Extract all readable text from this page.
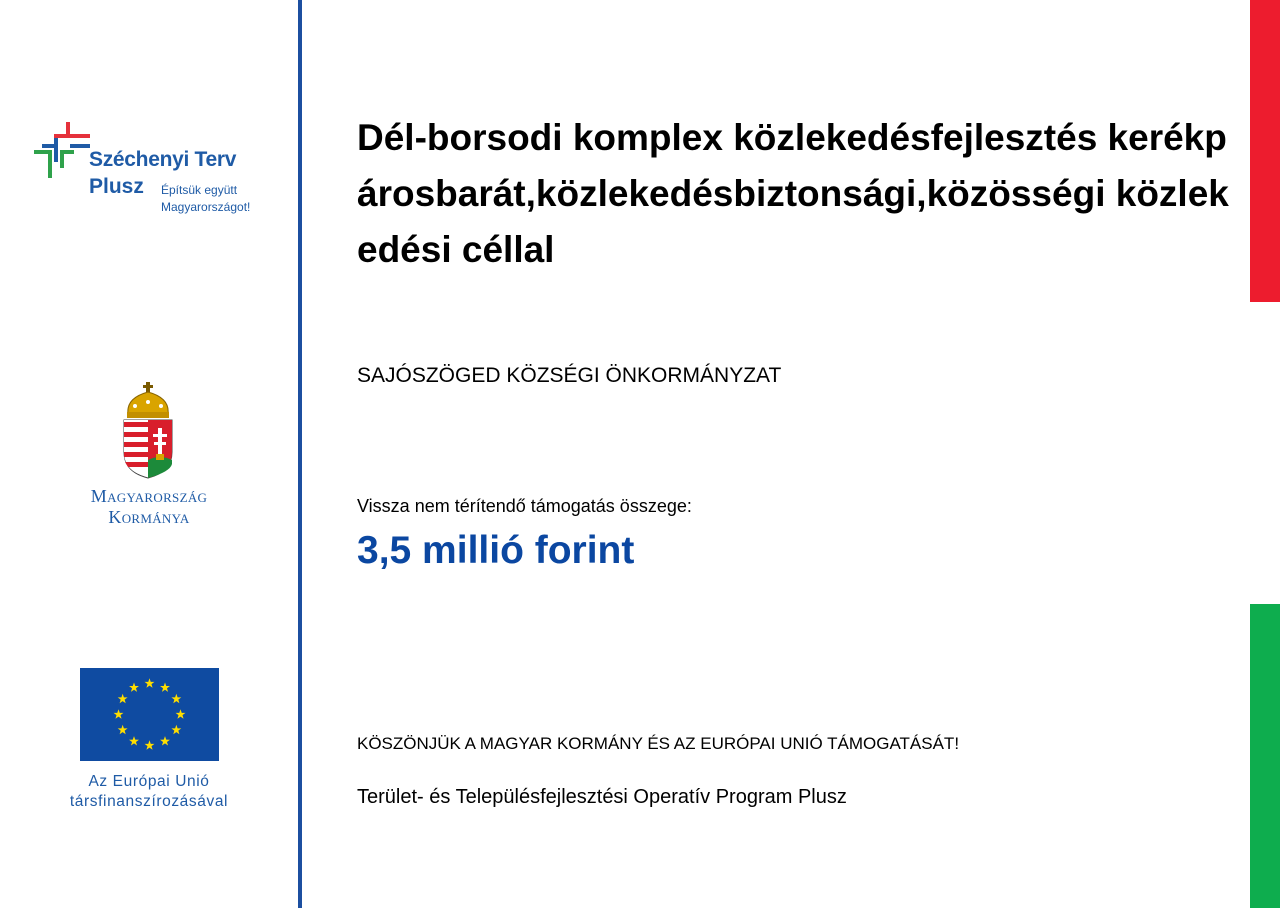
Széchenyi Terv
Plusz Építsük együtt
Magyarországot!
Magyarország
Kormánya
Az Európai Unió
társfinanszírozásával
Dél-borsodi komplex közlekedésfejlesztés kerékpárosbarát,közlekedésbiztonsági,közösségi közlekedési céllal
SAJÓSZÖGED KÖZSÉGI ÖNKORMÁNYZAT
Vissza nem térítendő támogatás összege:
3,5 millió forint
KÖSZÖNJÜK A MAGYAR KORMÁNY ÉS AZ EURÓPAI UNIÓ TÁMOGATÁSÁT!
Terület- és Településfejlesztési Operatív Program Plusz
